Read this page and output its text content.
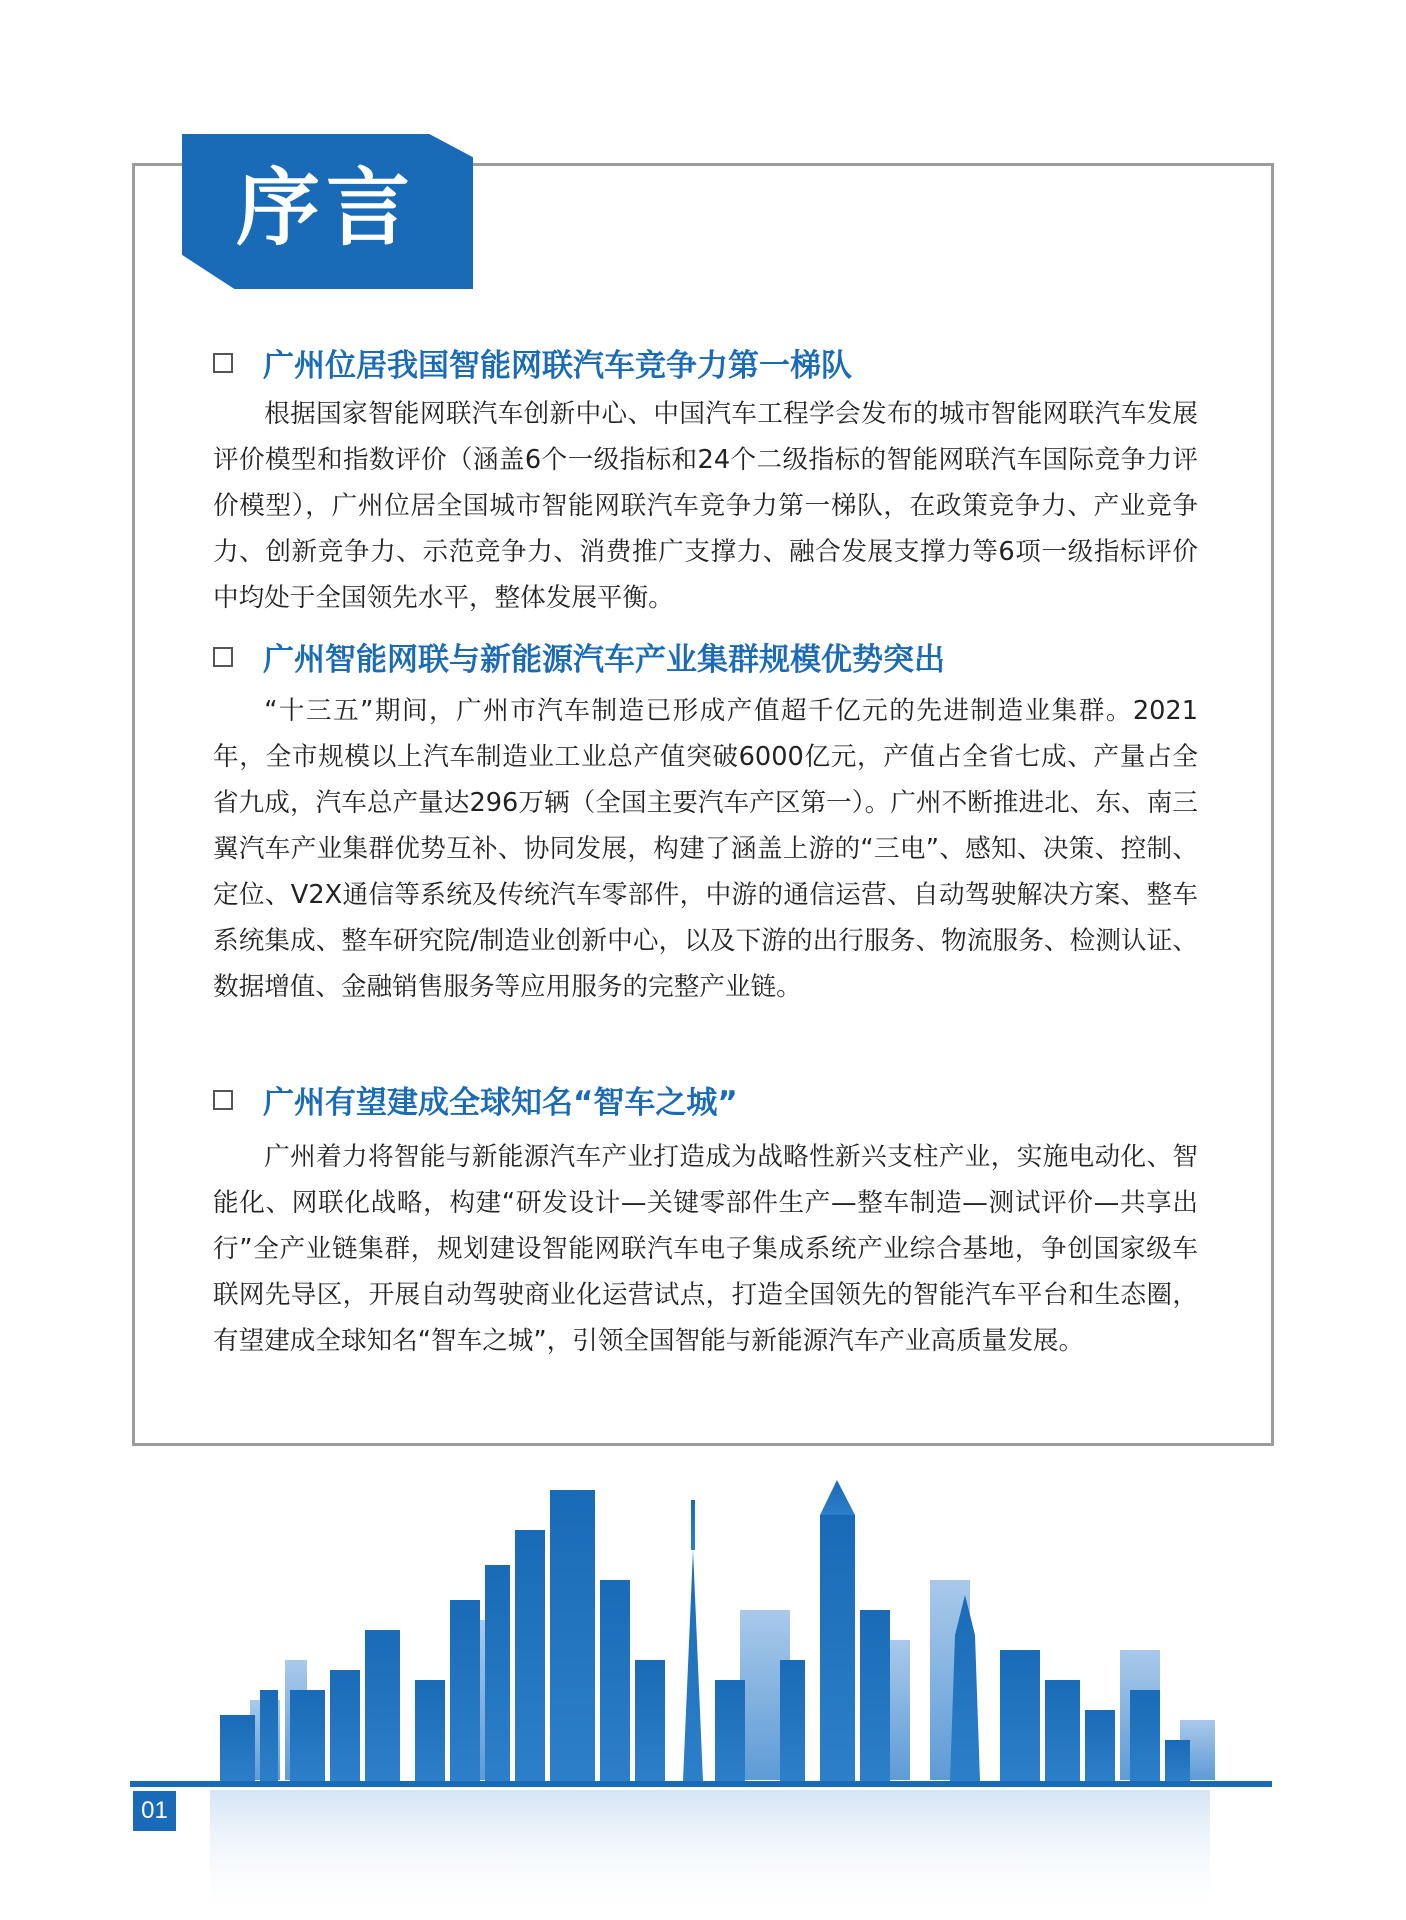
序言
广州位居我国智能网联汽车竞争力第一梯队

根据国家智能网联汽车创新中心、中国汽车工程学会发布的城市智能网联汽车发展评价模型和指数评价（涵盖6个一级指标和24个二级指标的智能网联汽车国际竞争力评价模型），广州位居全国城市智能网联汽车竞争力第一梯队，在政策竞争力、产业竞争力、创新竞争力、示范竞争力、消费推广支撑力、融合发展支撑力等6项一级指标评价中均处于全国领先水平，整体发展平衡。

广州智能网联与新能源汽车产业集群规模优势突出

“十三五”期间，广州市汽车制造已形成产值超千亿元的先进制造业集群。2021年，全市规模以上汽车制造业工业总产值突破6000亿元，产值占全省七成、产量占全省九成，汽车总产量达296万辆（全国主要汽车产区第一）。广州不断推进北、东、南三翼汽车产业集群优势互补、协同发展，构建了涵盖上游的“三电”、感知、决策、控制、定位、V2X通信等系统及传统汽车零部件，中游的通信运营、自动驾驶解决方案、整车系统集成、整车研究院/制造业创新中心，以及下游的出行服务、物流服务、检测认证、数据增值、金融销售服务等应用服务的完整产业链。

广州有望建成全球知名“智车之城”

广州着力将智能与新能源汽车产业打造成为战略性新兴支柱产业，实施电动化、智能化、网联化战略，构建“研发设计—关键零部件生产—整车制造—测试评价—共享出行”全产业链集群，规划建设智能网联汽车电子集成系统产业综合基地，争创国家级车联网先导区，开展自动驾驶商业化运营试点，打造全国领先的智能汽车平台和生态圈，有望建成全球知名“智车之城”，引领全国智能与新能源汽车产业高质量发展。

01
